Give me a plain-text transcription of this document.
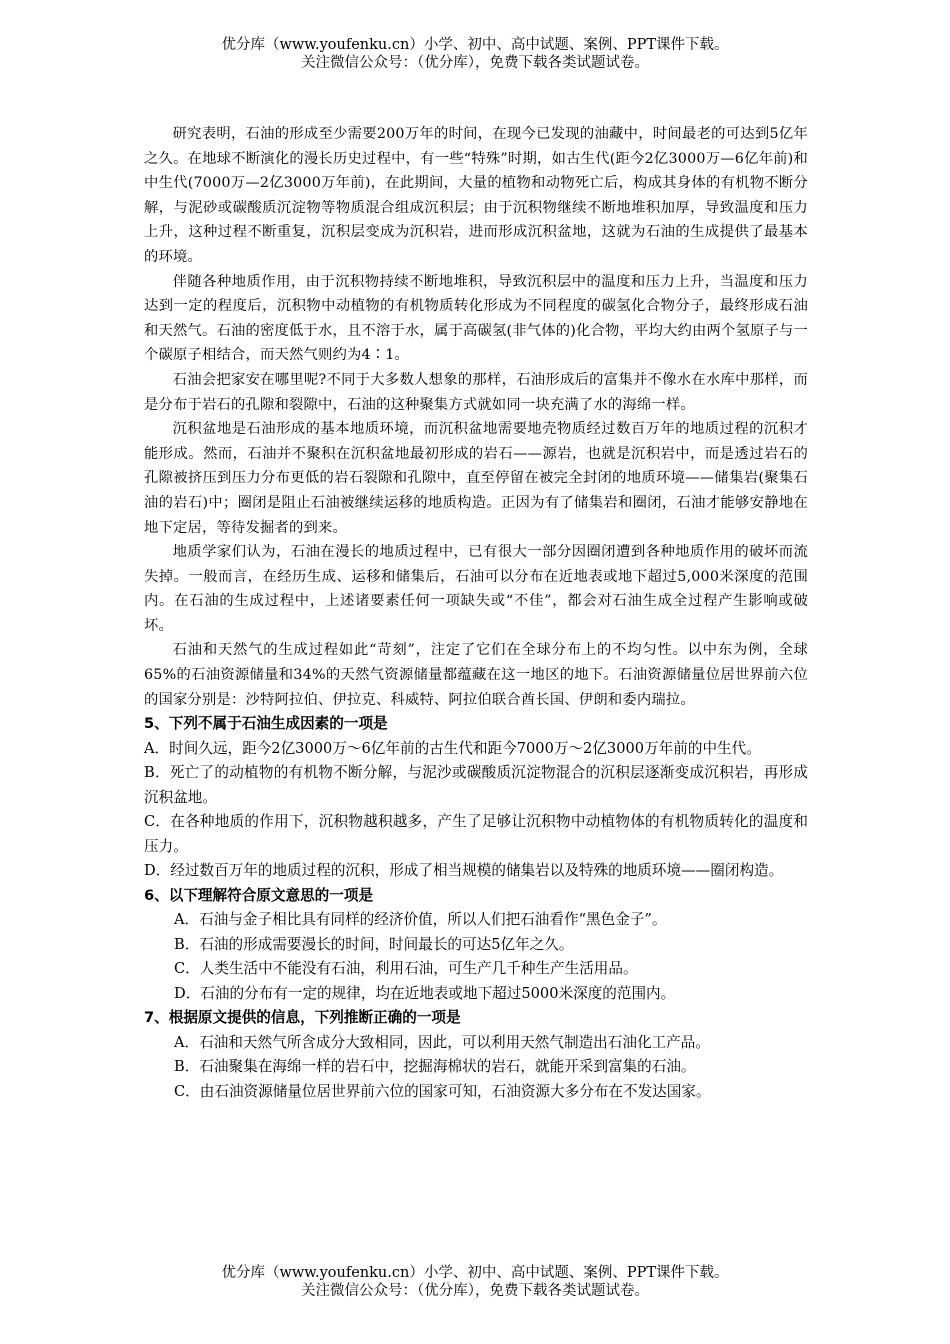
优分库（www.youfenku.cn）小学、初中、高中试题、案例、PPT课件下载。
关注微信公众号：（优分库），免费下载各类试题试卷。

研究表明，石油的形成至少需要200万年的时间，在现今已发现的油藏中，时间最老的可达到5亿年之久。在地球不断演化的漫长历史过程中，有一些“特殊”时期，如古生代(距今2亿3000万—6亿年前)和中生代(7000万—2亿3000万年前)，在此期间，大量的植物和动物死亡后，构成其身体的有机物不断分解，与泥砂或碳酸质沉淀物等物质混合组成沉积层；由于沉积物继续不断地堆积加厚，导致温度和压力上升，这种过程不断重复，沉积层变成为沉积岩，进而形成沉积盆地，这就为石油的生成提供了最基本的环境。

伴随各种地质作用，由于沉积物持续不断地堆积，导致沉积层中的温度和压力上升，当温度和压力达到一定的程度后，沉积物中动植物的有机物质转化形成为不同程度的碳氢化合物分子，最终形成石油和天然气。石油的密度低于水，且不溶于水，属于高碳氢(非气体的)化合物，平均大约由两个氢原子与一个碳原子相结合，而天然气则约为4∶1。

石油会把家安在哪里呢?不同于大多数人想象的那样，石油形成后的富集并不像水在水库中那样，而是分布于岩石的孔隙和裂隙中，石油的这种聚集方式就如同一块充满了水的海绵一样。

沉积盆地是石油形成的基本地质环境，而沉积盆地需要地壳物质经过数百万年的地质过程的沉积才能形成。然而，石油并不聚积在沉积盆地最初形成的岩石——源岩，也就是沉积岩中，而是透过岩石的孔隙被挤压到压力分布更低的岩石裂隙和孔隙中，直至停留在被完全封闭的地质环境——储集岩(聚集石油的岩石)中；圈闭是阻止石油被继续运移的地质构造。正因为有了储集岩和圈闭，石油才能够安静地在地下定居，等待发掘者的到来。

地质学家们认为，石油在漫长的地质过程中，已有很大一部分因圈闭遭到各种地质作用的破坏而流失掉。一般而言，在经历生成、运移和储集后，石油可以分布在近地表或地下超过5,000米深度的范围内。在石油的生成过程中，上述诸要素任何一项缺失或“不佳”，都会对石油生成全过程产生影响或破坏。

石油和天然气的生成过程如此“苛刻”，注定了它们在全球分布上的不均匀性。以中东为例，全球65%的石油资源储量和34%的天然气资源储量都蕴藏在这一地区的地下。石油资源储量位居世界前六位的国家分别是：沙特阿拉伯、伊拉克、科威特、阿拉伯联合酋长国、伊朗和委内瑞拉。

5、下列不属于石油生成因素的一项是

A．时间久远，距今2亿3000万～6亿年前的古生代和距今7000万～2亿3000万年前的中生代。

B．死亡了的动植物的有机物不断分解，与泥沙或碳酸质沉淀物混合的沉积层逐渐变成沉积岩，再形成沉积盆地。

C．在各种地质的作用下，沉积物越积越多，产生了足够让沉积物中动植物体的有机物质转化的温度和压力。

D．经过数百万年的地质过程的沉积，形成了相当规模的储集岩以及特殊的地质环境——圈闭构造。

6、以下理解符合原文意思的一项是

A．石油与金子相比具有同样的经济价值，所以人们把石油看作“黑色金子”。

B．石油的形成需要漫长的时间，时间最长的可达5亿年之久。

C．人类生活中不能没有石油，利用石油，可生产几千种生产生活用品。

D．石油的分布有一定的规律，均在近地表或地下超过5000米深度的范围内。

7、根据原文提供的信息，下列推断正确的一项是

A．石油和天然气所含成分大致相同，因此，可以利用天然气制造出石油化工产品。

B．石油聚集在海绵一样的岩石中，挖掘海棉状的岩石，就能开采到富集的石油。

C．由石油资源储量位居世界前六位的国家可知，石油资源大多分布在不发达国家。

优分库（www.youfenku.cn）小学、初中、高中试题、案例、PPT课件下载。
关注微信公众号：（优分库），免费下载各类试题试卷。
